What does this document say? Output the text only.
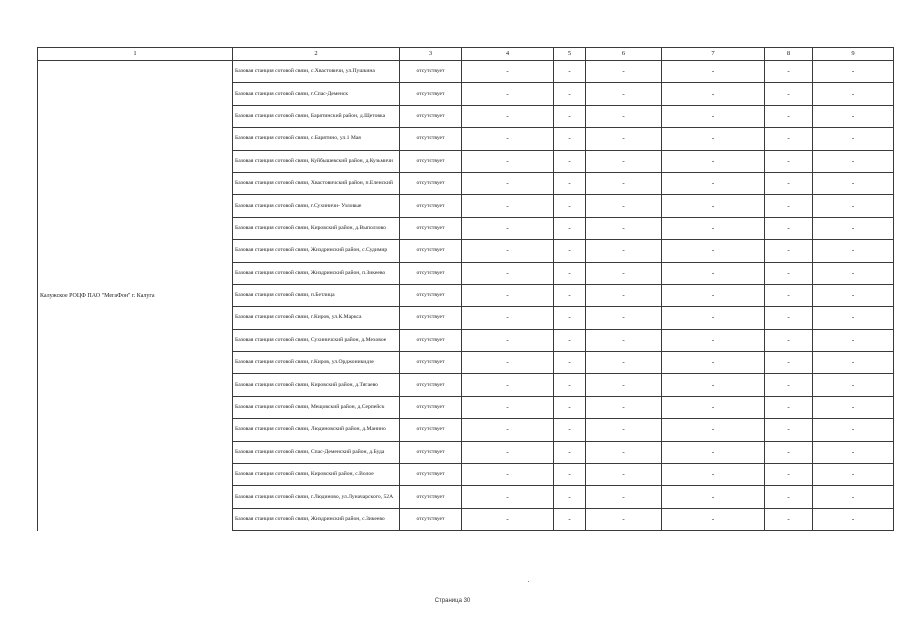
1	2	3	4	5	6	7	8	9
Калужское РОЦФ ПАО "МегаФон" г. Калуга	Базовая станция сотовой связи, с.Хвастовичи, ул.Пушкина	отсутствует	-	-	-	-	-	-
	Базовая станция сотовой связи, г.Спас-Деменск	отсутствует	-	-	-	-	-	-
	Базовая станция сотовой связи, Барятинский район, д.Щетовка	отсутствует	-	-	-	-	-	-
	Базовая станция сотовой связи, с.Барятино, ул.1 Мая	отсутствует	-	-	-	-	-	-
	Базовая станция сотовой связи, Куйбышевский район, д.Кузьмичи	отсутствует	-	-	-	-	-	-
	Базовая станция сотовой связи, Хвастовичский район, п.Еленский	отсутствует	-	-	-	-	-	-
	Базовая станция сотовой связи, г.Сухиничи- Узловые	отсутствует	-	-	-	-	-	-
	Базовая станция сотовой связи, Кировский район, д.Выползово	отсутствует	-	-	-	-	-	-
	Базовая станция сотовой связи, Жиздринский район, с.Судимир	отсутствует	-	-	-	-	-	-
	Базовая станция сотовой связи, Жиздринский район, п.Зикеево	отсутствует	-	-	-	-	-	-
	Базовая станция сотовой связи, п.Бетлица	отсутствует	-	-	-	-	-	-
	Базовая станция сотовой связи, г.Киров, ул.К.Маркса	отсутствует	-	-	-	-	-	-
	Базовая станция сотовой связи, Сухиничский район, д.Меховое	отсутствует	-	-	-	-	-	-
	Базовая станция сотовой связи, г.Киров, ул.Орджоникидзе	отсутствует	-	-	-	-	-	-
	Базовая станция сотовой связи, Кировский район, д.Тягаево	отсутствует	-	-	-	-	-	-
	Базовая станция сотовой связи, Мещовский район, д.Серпейск	отсутствует	-	-	-	-	-	-
	Базовая станция сотовой связи, Людиновский район, д.Манино	отсутствует	-	-	-	-	-	-
	Базовая станция сотовой связи, Спас-Деменский район, д.Буда	отсутствует	-	-	-	-	-	-
	Базовая станция сотовой связи, Кировский район, с.Волое	отсутствует	-	-	-	-	-	-
	Базовая станция сотовой связи, г.Людиново, ул.Луначарского, 52А	отсутствует	-	-	-	-	-	-
	Базовая станция сотовой связи, Жиздринский район, с.Зикеево	отсутствует	-	-	-	-	-	-
Страница 30
